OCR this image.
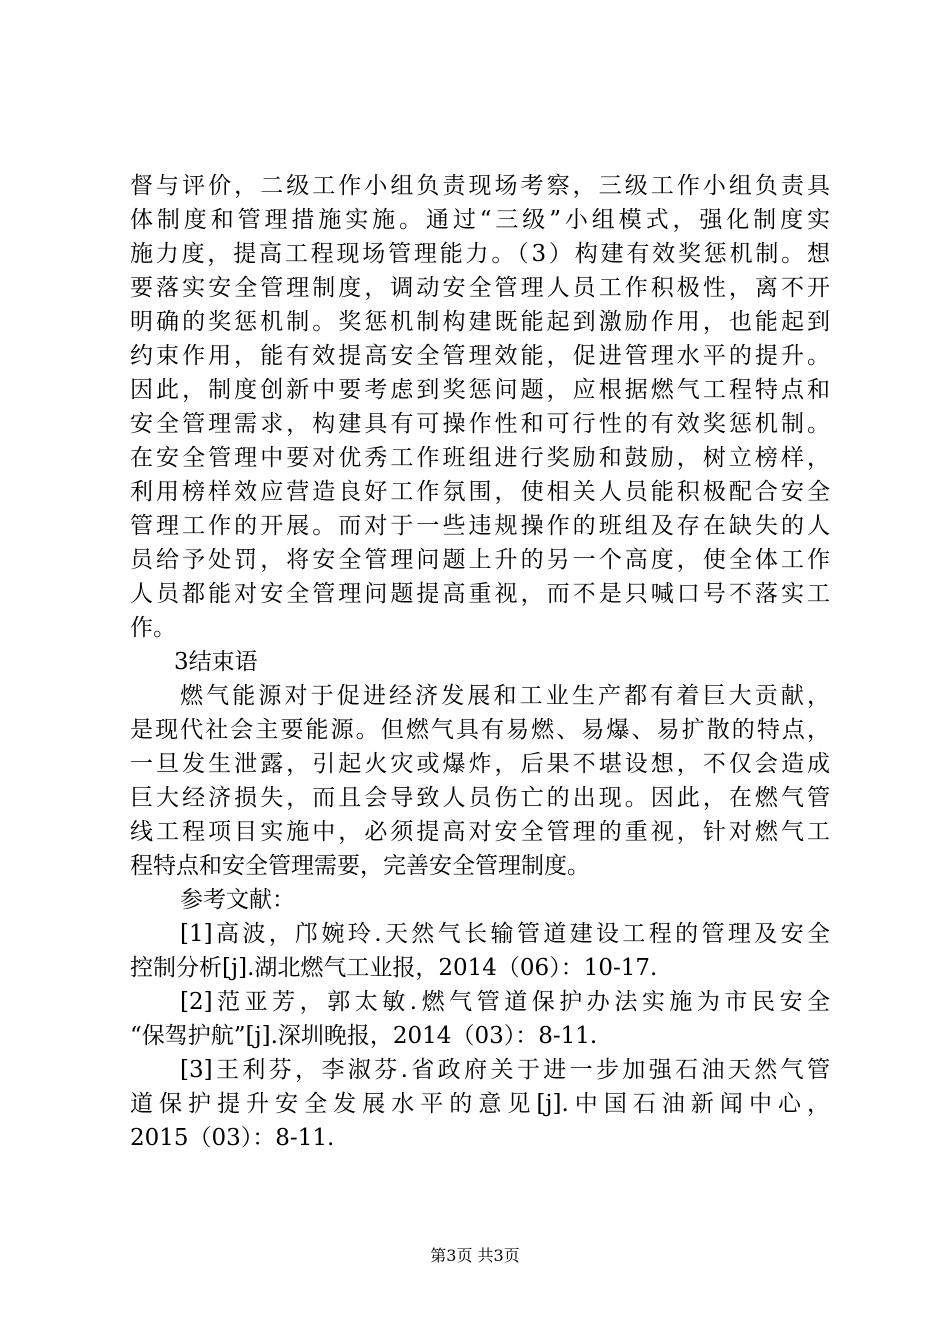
督与评价，二级工作小组负责现场考察，三级工作小组负责具
体制度和管理措施实施。通过“三级”小组模式，强化制度实
施力度，提高工程现场管理能力。（3）构建有效奖惩机制。想
要落实安全管理制度，调动安全管理人员工作积极性，离不开
明确的奖惩机制。奖惩机制构建既能起到激励作用，也能起到
约束作用，能有效提高安全管理效能，促进管理水平的提升。
因此，制度创新中要考虑到奖惩问题，应根据燃气工程特点和
安全管理需求，构建具有可操作性和可行性的有效奖惩机制。
在安全管理中要对优秀工作班组进行奖励和鼓励，树立榜样，
利用榜样效应营造良好工作氛围，使相关人员能积极配合安全
管理工作的开展。而对于一些违规操作的班组及存在缺失的人
员给予处罚，将安全管理问题上升的另一个高度，使全体工作
人员都能对安全管理问题提高重视，而不是只喊口号不落实工
作。
3结束语
燃气能源对于促进经济发展和工业生产都有着巨大贡献，
是现代社会主要能源。但燃气具有易燃、易爆、易扩散的特点，
一旦发生泄露，引起火灾或爆炸，后果不堪设想，不仅会造成
巨大经济损失，而且会导致人员伤亡的出现。因此，在燃气管
线工程项目实施中，必须提高对安全管理的重视，针对燃气工
程特点和安全管理需要，完善安全管理制度。
参考文献：
[1]高波，邝婉玲.天然气长输管道建设工程的管理及安全
控制分析[j].湖北燃气工业报，2014（06）：10-17.
[2]范亚芳，郭太敏.燃气管道保护办法实施为市民安全
“保驾护航”[j].深圳晚报，2014（03）：8-11.
[3]王利芬，李淑芬.省政府关于进一步加强石油天然气管
道保护提升安全发展水平的意见[j].中国石油新闻中心，
2015（03）：8-11.
第3页 共3页
